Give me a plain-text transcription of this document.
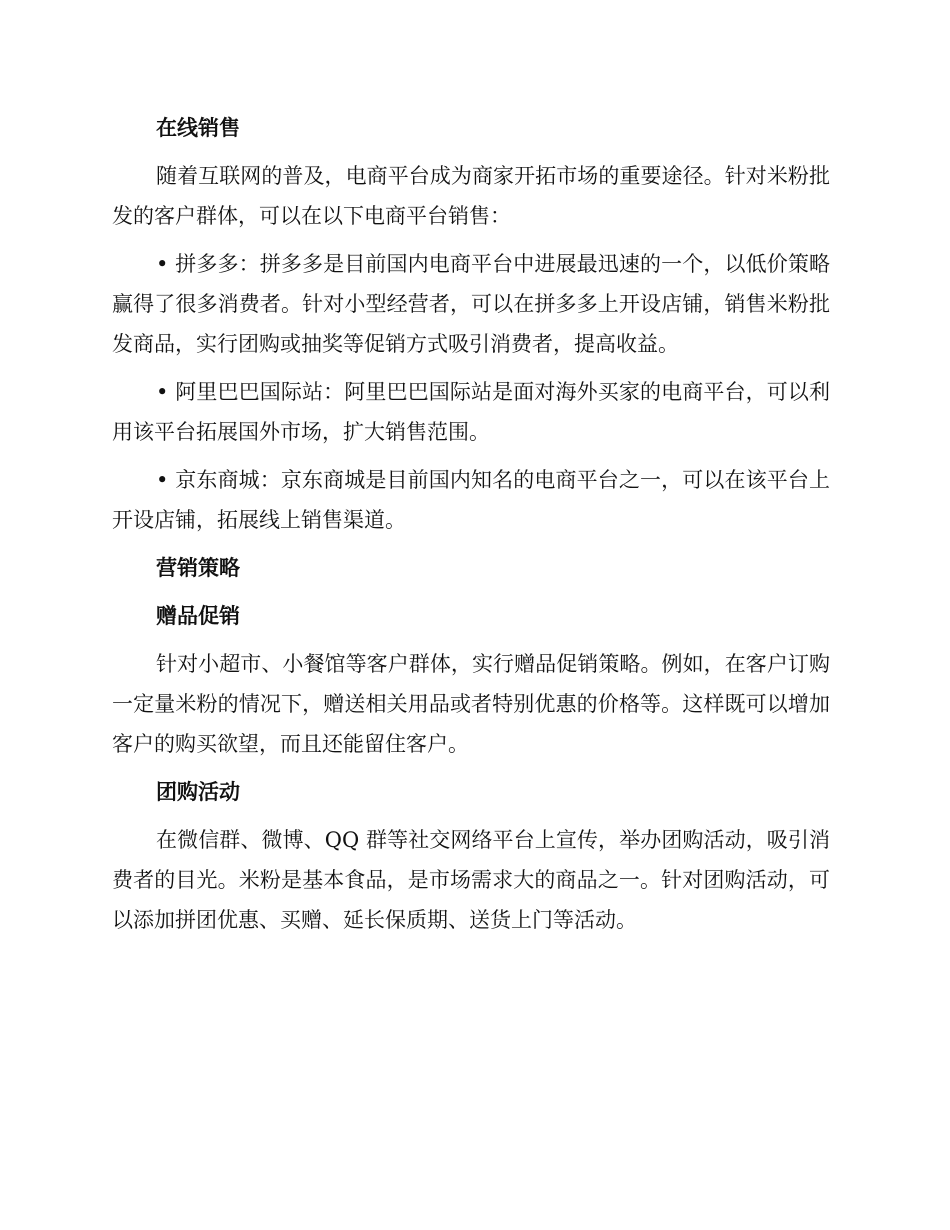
在线销售

随着互联网的普及，电商平台成为商家开拓市场的重要途径。针对米粉批发的客户群体，可以在以下电商平台销售：

• 拼多多：拼多多是目前国内电商平台中进展最迅速的一个，以低价策略赢得了很多消费者。针对小型经营者，可以在拼多多上开设店铺，销售米粉批发商品，实行团购或抽奖等促销方式吸引消费者，提高收益。

• 阿里巴巴国际站：阿里巴巴国际站是面对海外买家的电商平台，可以利用该平台拓展国外市场，扩大销售范围。

• 京东商城：京东商城是目前国内知名的电商平台之一，可以在该平台上开设店铺，拓展线上销售渠道。

营销策略
赠品促销

针对小超市、小餐馆等客户群体，实行赠品促销策略。例如，在客户订购一定量米粉的情况下，赠送相关用品或者特别优惠的价格等。这样既可以增加客户的购买欲望，而且还能留住客户。

团购活动

在微信群、微博、QQ 群等社交网络平台上宣传，举办团购活动，吸引消费者的目光。米粉是基本食品，是市场需求大的商品之一。针对团购活动，可以添加拼团优惠、买赠、延长保质期、送货上门等活动。
